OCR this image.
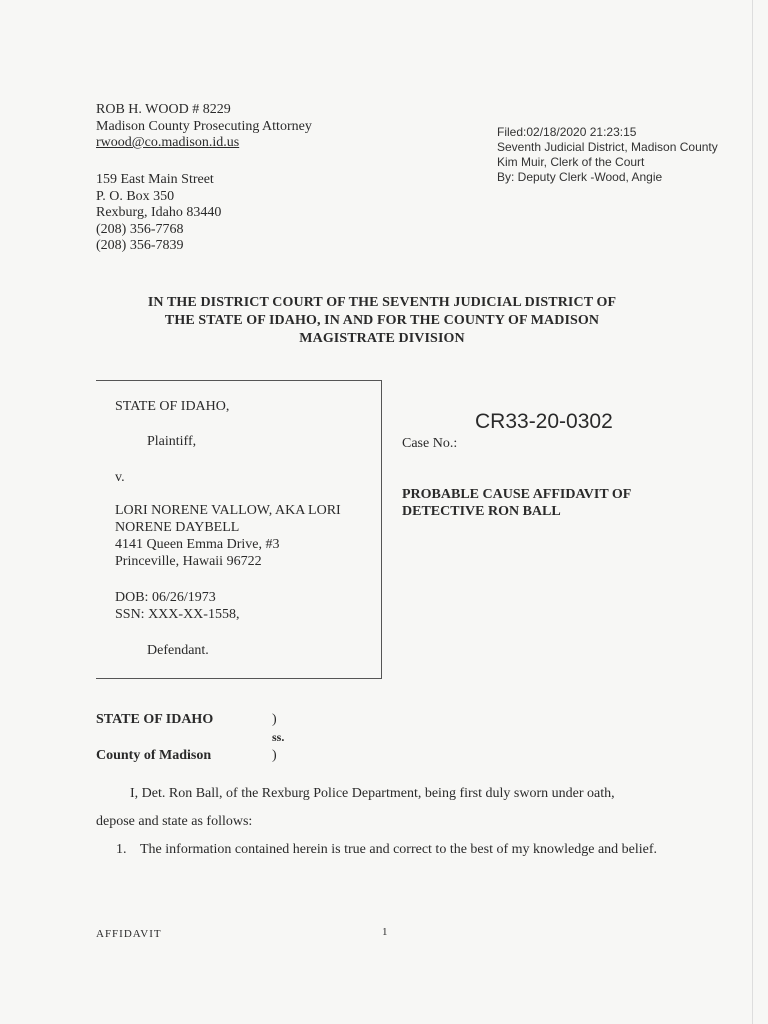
ROB H. WOOD # 8229
Madison County Prosecuting Attorney
rwood@co.madison.id.us
159 East Main Street
P. O. Box 350
Rexburg, Idaho 83440
(208) 356-7768
(208) 356-7839
Filed:02/18/2020 21:23:15
Seventh Judicial District, Madison County
Kim Muir, Clerk of the Court
By: Deputy Clerk -Wood, Angie
IN THE DISTRICT COURT OF THE SEVENTH JUDICIAL DISTRICT OF
THE STATE OF IDAHO, IN AND FOR THE COUNTY OF MADISON
MAGISTRATE DIVISION
STATE OF IDAHO,
Plaintiff,
v.
LORI NORENE VALLOW, AKA LORI
NORENE DAYBELL
4141 Queen Emma Drive, #3
Princeville, Hawaii 96722
DOB: 06/26/1973
SSN: XXX-XX-1558,
Defendant.
CR33-20-0302
Case No.:
PROBABLE CAUSE AFFIDAVIT OF
DETECTIVE RON BALL
STATE OF IDAHO	)
ss.
County of Madison	)
I, Det. Ron Ball, of the Rexburg Police Department, being first duly sworn under oath,
depose and state as follows:
1. The information contained herein is true and correct to the best of my knowledge and belief.
AFFIDAVIT	1
